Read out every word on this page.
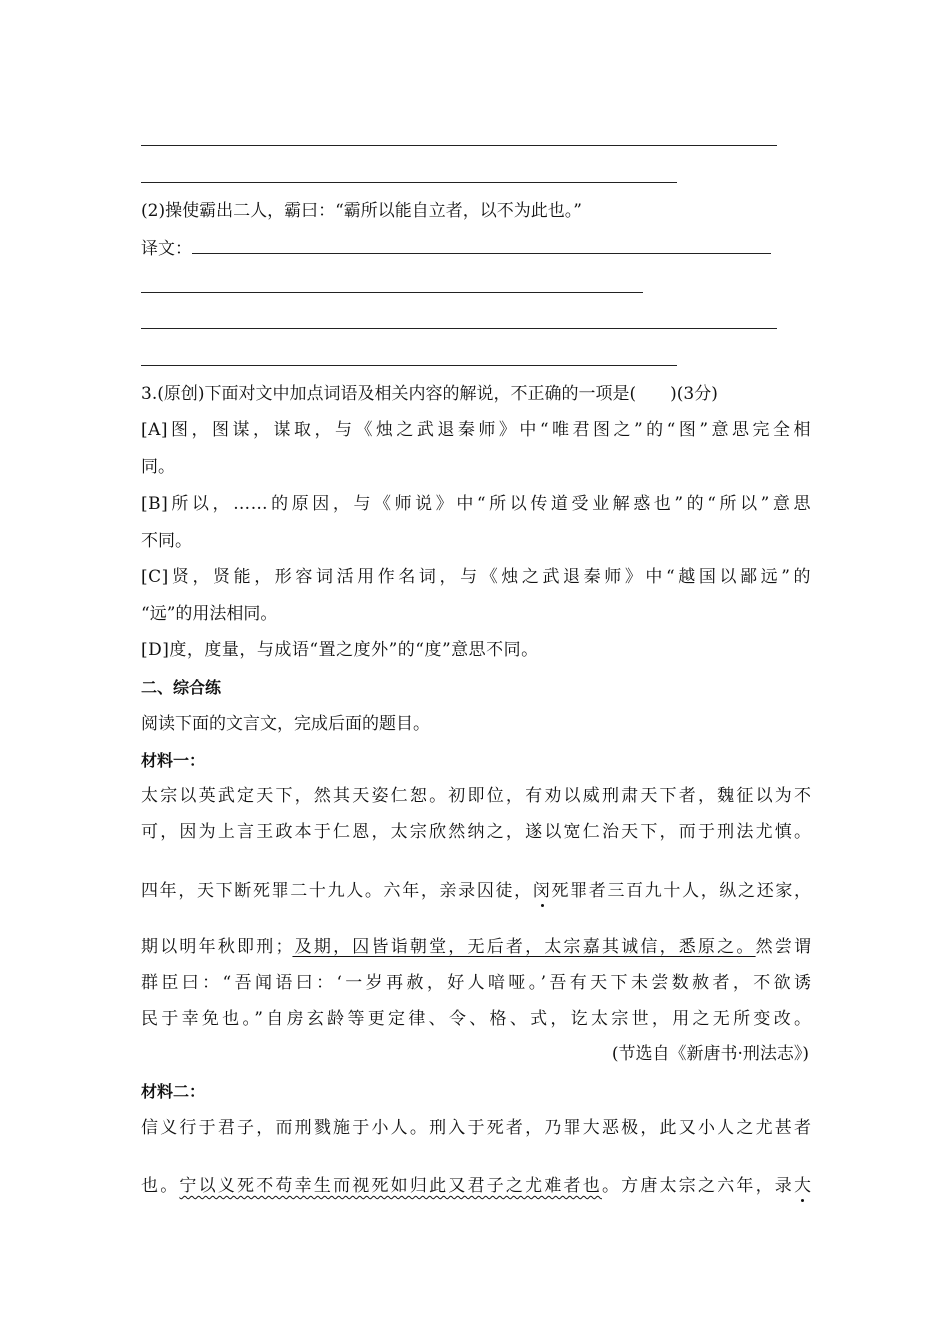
(2)操使霸出二人，霸曰：“霸所以能自立者，以不为此也。”
译文：
3.(原创)下面对文中加点词语及相关内容的解说，不正确的一项是(　　)(3分)
[A]图，图谋，谋取，与《烛之武退秦师》中“唯君图之”的“图”意思完全相
同。
[B]所以，……的原因，与《师说》中“所以传道受业解惑也”的“所以”意思
不同。
[C]贤，贤能，形容词活用作名词，与《烛之武退秦师》中“越国以鄙远”的
“远”的用法相同。
[D]度，度量，与成语“置之度外”的“度”意思不同。
二、综合练
阅读下面的文言文，完成后面的题目。
材料一：
太宗以英武定天下，然其天姿仁恕。初即位，有劝以威刑肃天下者，魏征以为不
可，因为上言王政本于仁恩，太宗欣然纳之，遂以宽仁治天下，而于刑法尤慎。
四年，天下断死罪二十九人。六年，亲录囚徒，闵死罪者三百九十人，纵之还家，
期以明年秋即刑；及期，囚皆诣朝堂，无后者，太宗嘉其诚信，悉原之。然尝谓
群臣曰：“吾闻语曰：‘一岁再赦，好人喑哑。’吾有天下未尝数赦者，不欲诱
民于幸免也。”自房玄龄等更定律、令、格、式，讫太宗世，用之无所变改。
(节选自《新唐书·刑法志》)
材料二：
信义行于君子，而刑戮施于小人。刑入于死者，乃罪大恶极，此又小人之尤甚者
也。宁以义死不苟幸生而视死如归此又君子之尤难者也。方唐太宗之六年，录大
